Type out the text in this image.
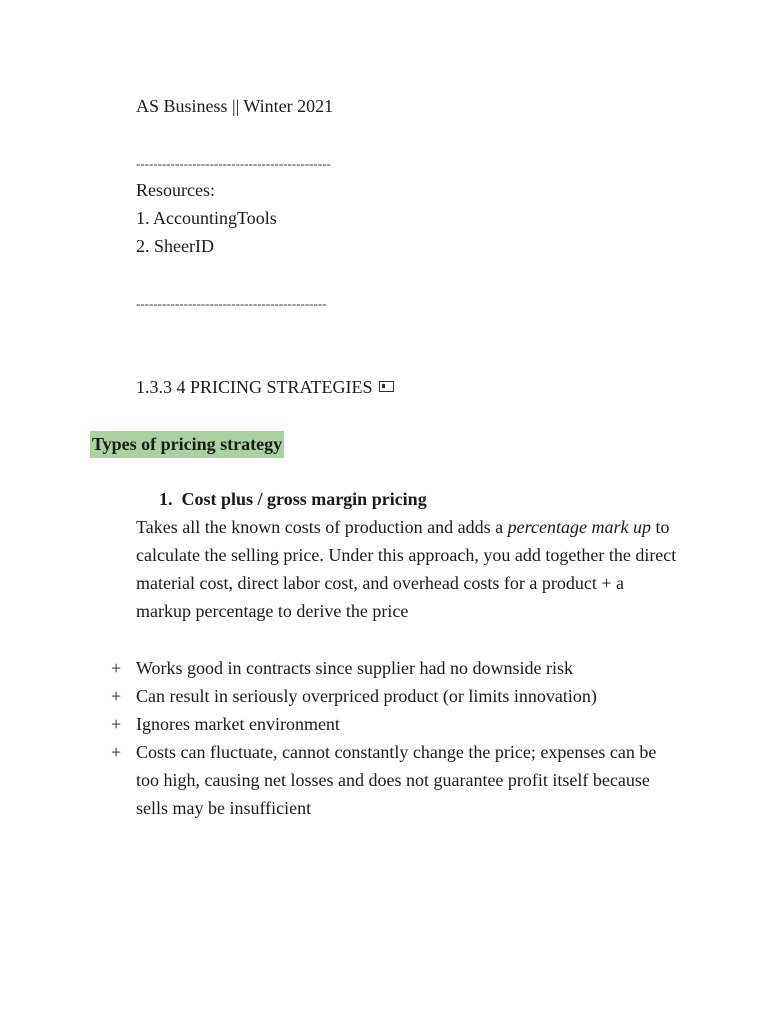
AS Business || Winter 2021
---------------------------------------------
Resources:
1. AccountingTools
2. SheerID
--------------------------------------------
1.3.3 4 PRICING STRATEGIES
Types of pricing strategy
1. Cost plus / gross margin pricing
Takes all the known costs of production and adds a percentage mark up to calculate the selling price. Under this approach, you add together the direct material cost, direct labor cost, and overhead costs for a product + a markup percentage to derive the price
+ Works good in contracts since supplier had no downside risk
+ Can result in seriously overpriced product (or limits innovation)
+ Ignores market environment
+ Costs can fluctuate, cannot constantly change the price; expenses can be too high, causing net losses and does not guarantee profit itself because sells may be insufficient
